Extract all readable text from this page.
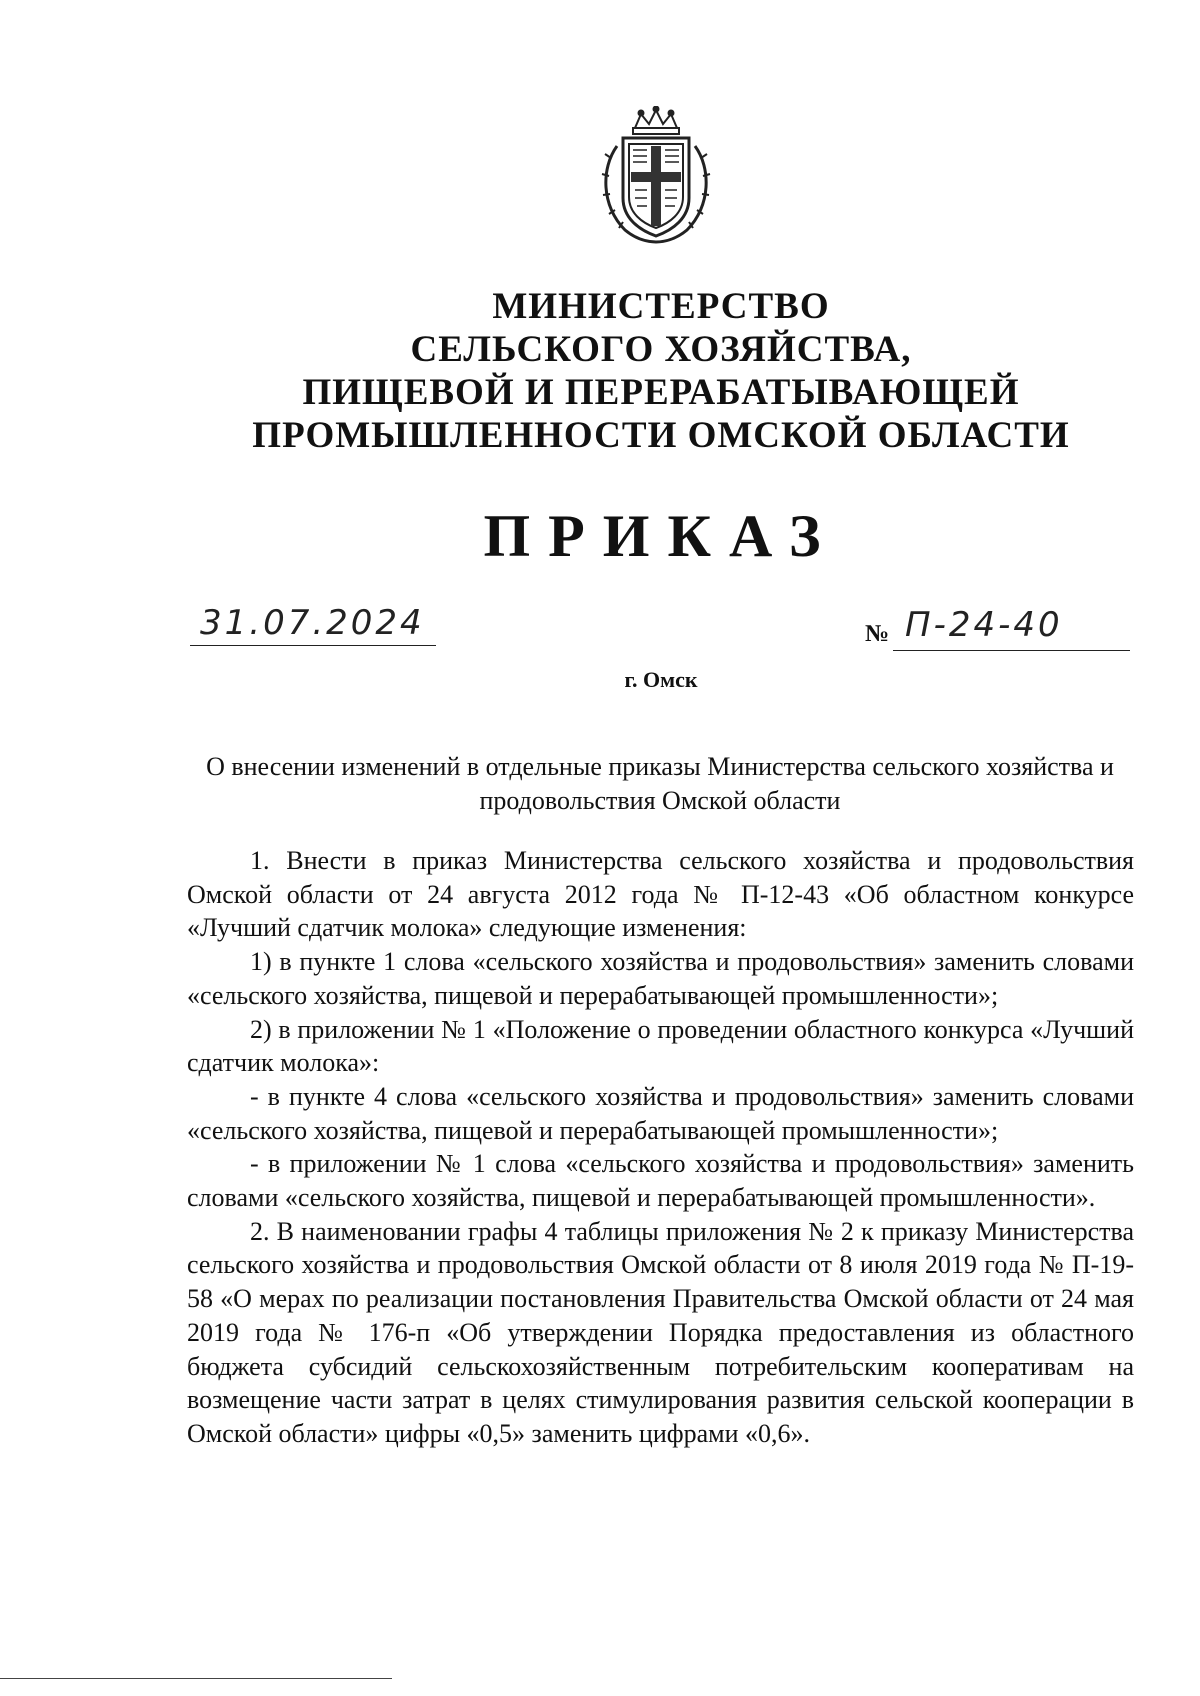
МИНИСТЕРСТВО
СЕЛЬСКОГО ХОЗЯЙСТВА,
ПИЩЕВОЙ И ПЕРЕРАБАТЫВАЮЩЕЙ
ПРОМЫШЛЕННОСТИ ОМСКОЙ ОБЛАСТИ
ПРИКАЗ
31.07.2024	№ П-24-40
г. Омск
О внесении изменений в отдельные приказы Министерства сельского хозяйства и продовольствия Омской области

1. Внести в приказ Министерства сельского хозяйства и продовольствия Омской области от 24 августа 2012 года № П-12-43 «Об областном конкурсе «Лучший сдатчик молока» следующие изменения:

1) в пункте 1 слова «сельского хозяйства и продовольствия» заменить словами «сельского хозяйства, пищевой и перерабатывающей промышленности»;

2) в приложении № 1 «Положение о проведении областного конкурса «Лучший сдатчик молока»:

- в пункте 4 слова «сельского хозяйства и продовольствия» заменить словами «сельского хозяйства, пищевой и перерабатывающей промышленности»;

- в приложении № 1 слова «сельского хозяйства и продовольствия» заменить словами «сельского хозяйства, пищевой и перерабатывающей промышленности».

2. В наименовании графы 4 таблицы приложения № 2 к приказу Министерства сельского хозяйства и продовольствия Омской области от 8 июля 2019 года № П-19-58 «О мерах по реализации постановления Правительства Омской области от 24 мая 2019 года № 176-п «Об утверждении Порядка предоставления из областного бюджета субсидий сельскохозяйственным потребительским кооперативам на возмещение части затрат в целях стимулирования развития сельской кооперации в Омской области» цифры «0,5» заменить цифрами «0,6».
